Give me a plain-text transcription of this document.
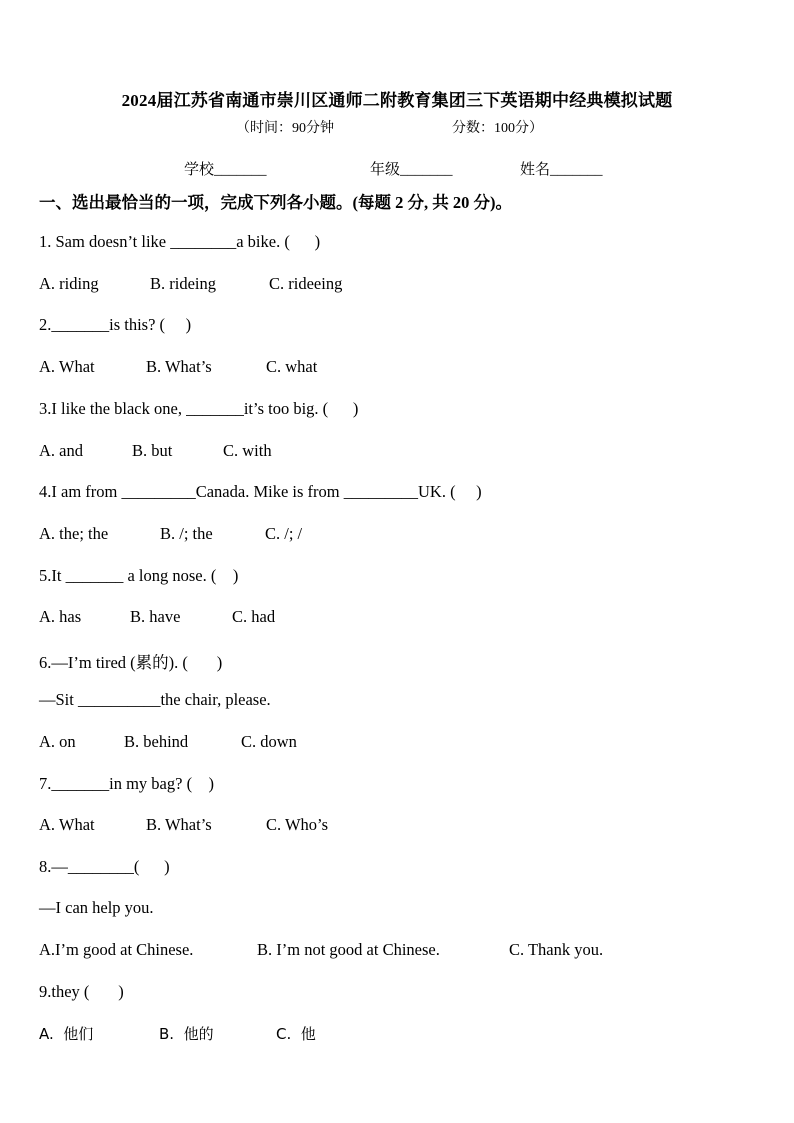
2024届江苏省南通市崇川区通师二附教育集团三下英语期中经典模拟试题
（时间：90分钟	分数：100分）
学校_______	年级_______	姓名_______
一、选出最恰当的一项，完成下列各小题。(每题 2 分, 共 20 分)。
1. Sam doesn’t like ________a bike. (      )
A. riding	B. rideing	C. rideeing
2._______is this? (     )
A. What	B. What’s	C. what
3.I like the black one, _______it’s too big. (      )
A. and	B. but	C. with
4.I am from _________Canada. Mike is from _________UK. (     )
A. the; the	B. /; the	C. /; /
5.It _______ a long nose. (    )
A. has	B. have	C. had
6.—I’m tired (累的). (       )
—Sit __________the chair, please.
A. on	B. behind	C. down
7._______in my bag? (    )
A. What	B. What’s	C. Who’s
8.—________(      )
—I can help you.
A.I’m good at Chinese.	B. I’m not good at Chinese.	C. Thank you.
9.they (       )
A.  他们	B.  他的	C.  他
